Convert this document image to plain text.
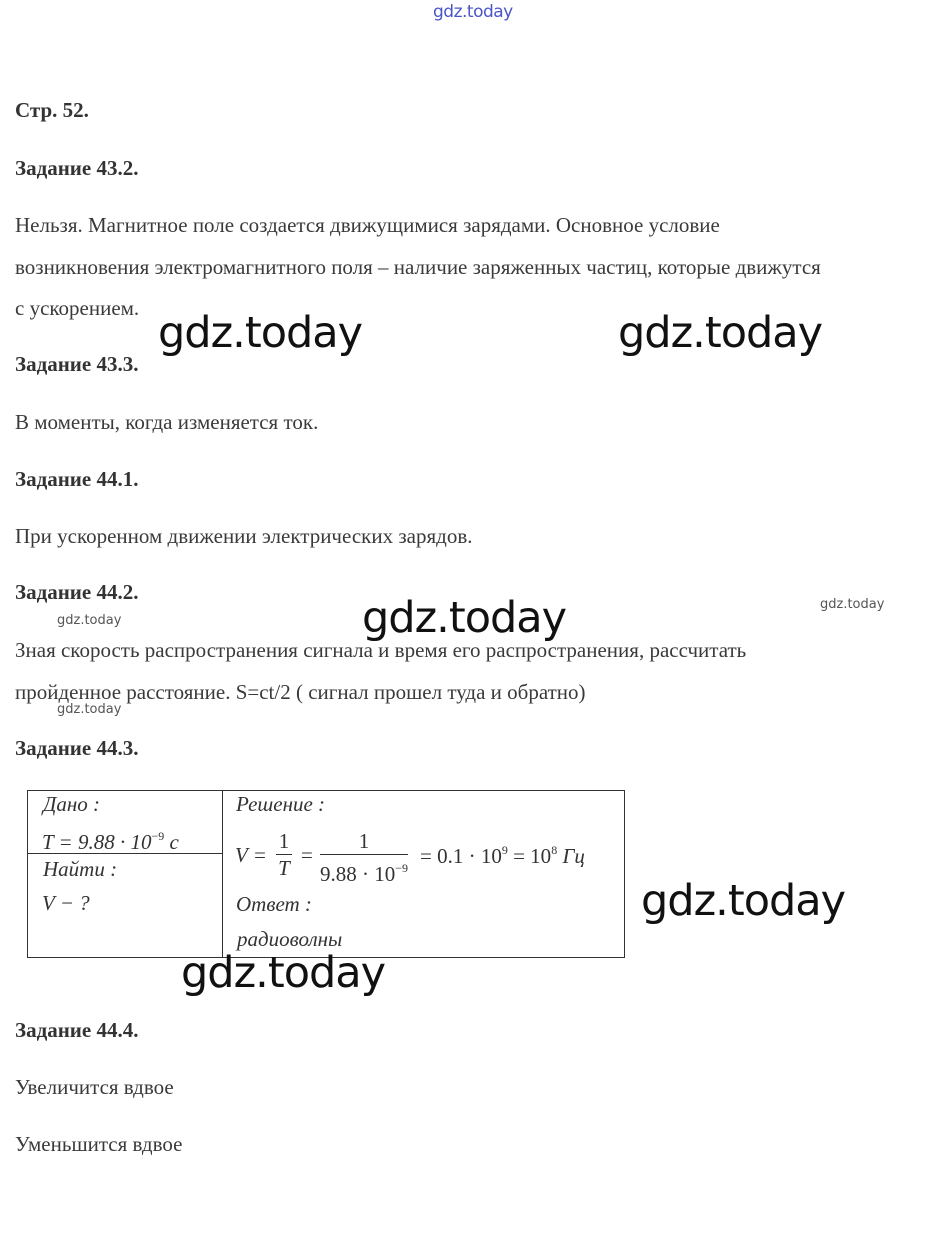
gdz.today
Стр. 52.
Задание 43.2.
Нельзя. Магнитное поле создается движущимися зарядами. Основное условие
возникновения электромагнитного поля – наличие заряженных частиц, которые движутся
с ускорением. gdz.today	gdz.today
Задание 43.3.
В моменты, когда изменяется ток.
Задание 44.1.
При ускоренном движении электрических зарядов.
Задание 44.2.
gdz.today
gdz.today
gdz.today
Зная скорость распространения сигнала и время его распространения, рассчитать
пройденное расстояние. S=ct/2 ( сигнал прошел туда и обратно)
gdz.today
Задание 44.3.
Дано :
$T = 9.88 \cdot 10^{-9}$ c
Найти :
V − ?
Решение :
V =
1
T
=
1
$9.88 \cdot 10^{-9} = 0.1 \cdot 10^9 = 10^8$ Гц
Ответ :
радиоволны
gdz.today
gdz.today
Задание 44.4.
Увеличится вдвое
Уменьшится вдвое
